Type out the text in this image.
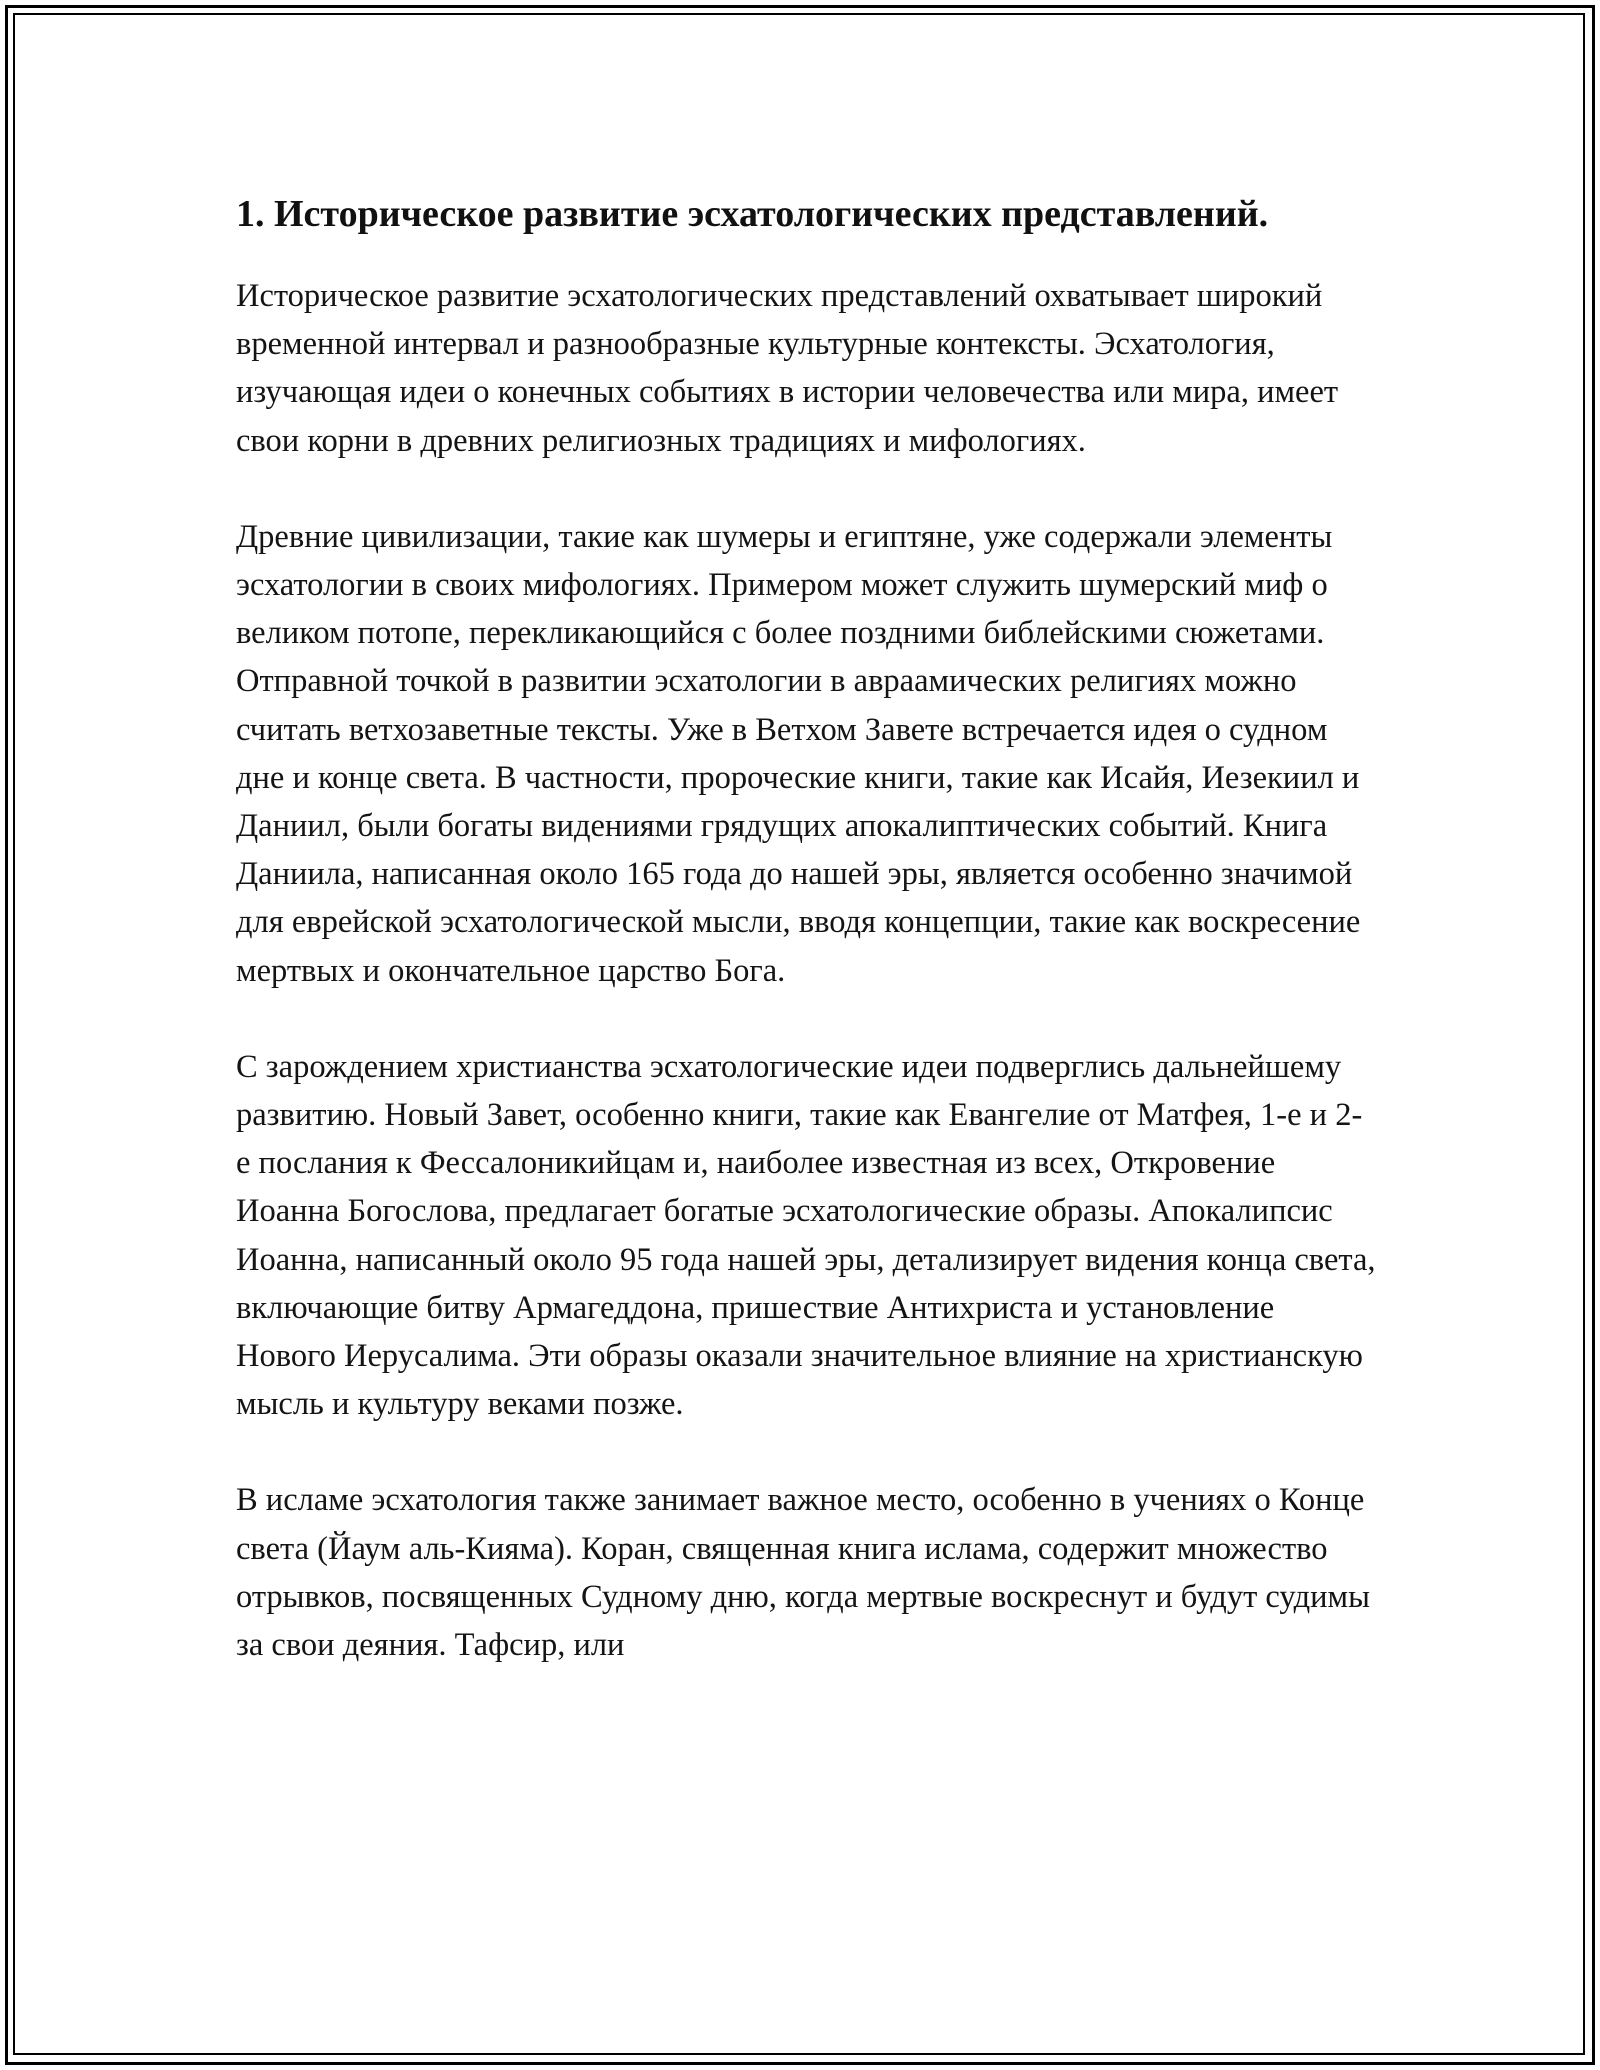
1. Историческое развитие эсхатологических представлений.

Историческое развитие эсхатологических представлений охватывает широкий временной интервал и разнообразные культурные контексты. Эсхатология, изучающая идеи о конечных событиях в истории человечества или мира, имеет свои корни в древних религиозных традициях и мифологиях.

Древние цивилизации, такие как шумеры и египтяне, уже содержали элементы эсхатологии в своих мифологиях. Примером может служить шумерский миф о великом потопе, перекликающийся с более поздними библейскими сюжетами. Отправной точкой в развитии эсхатологии в авраамических религиях можно считать ветхозаветные тексты. Уже в Ветхом Завете встречается идея о судном дне и конце света. В частности, пророческие книги, такие как Исайя, Иезекиил и Даниил, были богаты видениями грядущих апокалиптических событий. Книга Даниила, написанная около 165 года до нашей эры, является особенно значимой для еврейской эсхатологической мысли, вводя концепции, такие как воскресение мертвых и окончательное царство Бога.

С зарождением христианства эсхатологические идеи подверглись дальнейшему развитию. Новый Завет, особенно книги, такие как Евангелие от Матфея, 1-е и 2-е послания к Фессалоникийцам и, наиболее известная из всех, Откровение Иоанна Богослова, предлагает богатые эсхатологические образы. Апокалипсис Иоанна, написанный около 95 года нашей эры, детализирует видения конца света, включающие битву Армагеддона, пришествие Антихриста и установление Нового Иерусалима. Эти образы оказали значительное влияние на христианскую мысль и культуру веками позже.

В исламе эсхатология также занимает важное место, особенно в учениях о Конце света (Йаум аль-Кияма). Коран, священная книга ислама, содержит множество отрывков, посвященных Судному дню, когда мертвые воскреснут и будут судимы за свои деяния. Тафсир, или
